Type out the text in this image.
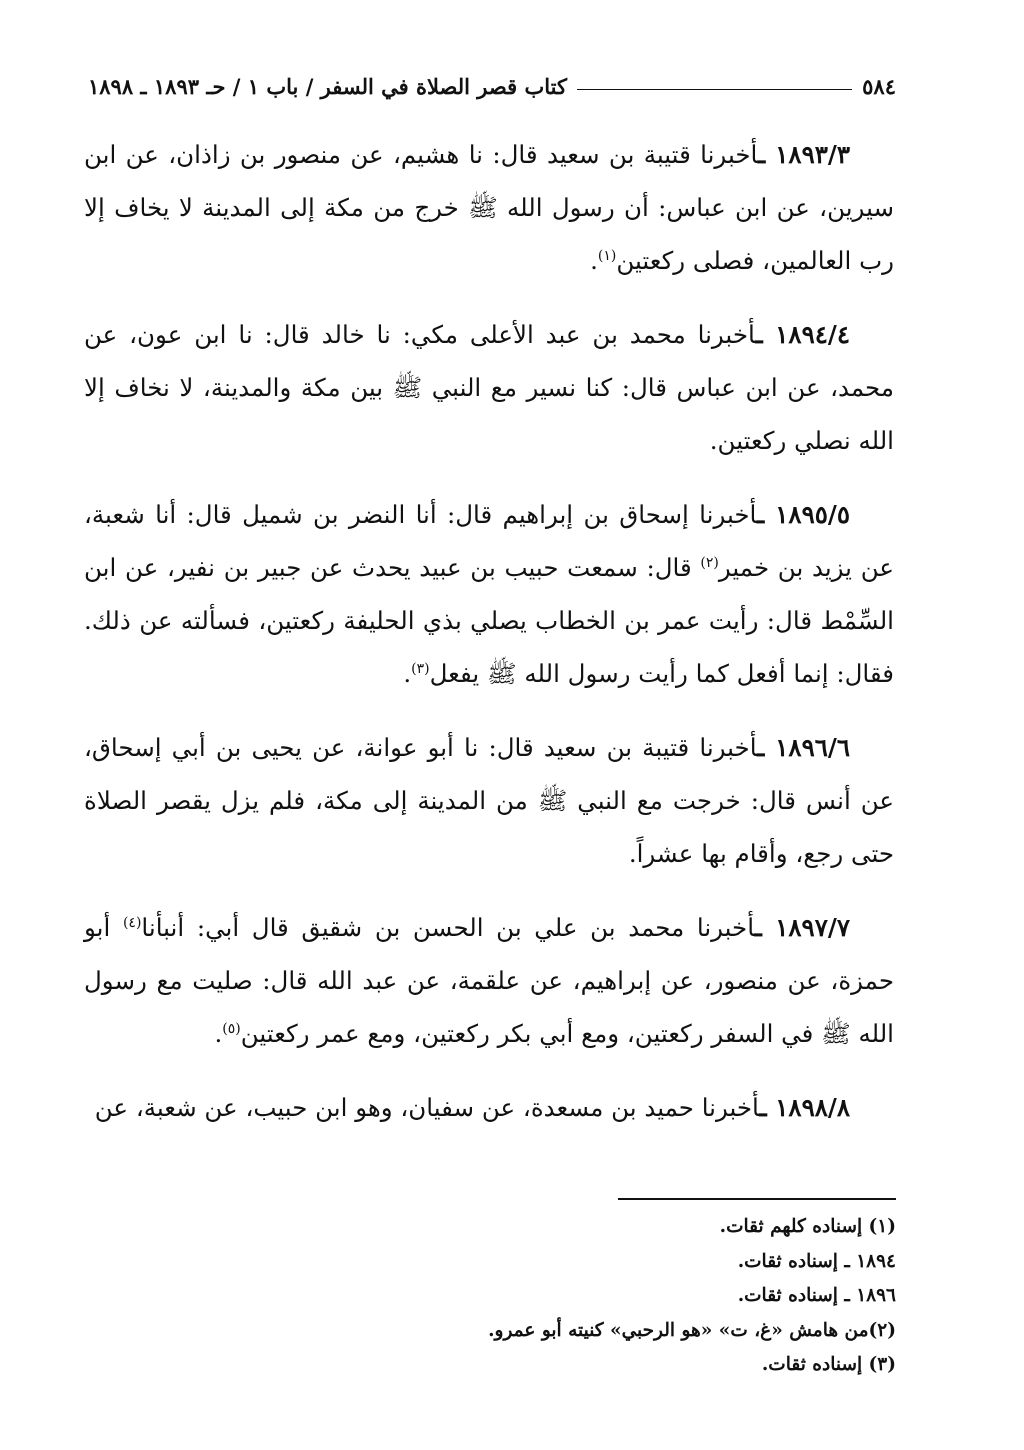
٥٨٤
كتاب قصر الصلاة في السفر / باب ١ / حـ ١٨٩٣ ـ ١٨٩٨

١٨٩٣/٣ ـأخبرنا قتيبة بن سعيد قال: نا هشيم، عن منصور بن زاذان، عن ابن سيرين، عن ابن عباس: أن رسول الله ﷺ خرج من مكة إلى المدينة لا يخاف إلا رب العالمين، فصلى ركعتين$^{(١)}$.

١٨٩٤/٤ ـأخبرنا محمد بن عبد الأعلى مكي: نا خالد قال: نا ابن عون، عن محمد، عن ابن عباس قال: كنا نسير مع النبي ﷺ بين مكة والمدينة، لا نخاف إلا الله نصلي ركعتين.

١٨٩٥/٥ ـأخبرنا إسحاق بن إبراهيم قال: أنا النضر بن شميل قال: أنا شعبة، عن يزيد بن خمير$^{(٢)}$ قال: سمعت حبيب بن عبيد يحدث عن جبير بن نفير، عن ابن السِّمْط قال: رأيت عمر بن الخطاب يصلي بذي الحليفة ركعتين، فسألته عن ذلك. فقال: إنما أفعل كما رأيت رسول الله ﷺ يفعل$^{(٣)}$.

١٨٩٦/٦ ـأخبرنا قتيبة بن سعيد قال: نا أبو عوانة، عن يحيى بن أبي إسحاق، عن أنس قال: خرجت مع النبي ﷺ من المدينة إلى مكة، فلم يزل يقصر الصلاة حتى رجع، وأقام بها عشراً.

١٨٩٧/٧ ـأخبرنا محمد بن علي بن الحسن بن شقيق قال أبي: أنبأنا$^{(٤)}$ أبو حمزة، عن منصور، عن إبراهيم، عن علقمة، عن عبد الله قال: صليت مع رسول الله ﷺ في السفر ركعتين، ومع أبي بكر ركعتين، ومع عمر ركعتين$^{(٥)}$.

١٨٩٨/٨ ـأخبرنا حميد بن مسعدة، عن سفيان، وهو ابن حبيب، عن شعبة، عن

(١) إسناده كلهم ثقات.
١٨٩٤ ـ إسناده ثقات.
١٨٩٦ ـ إسناده ثقات.
(٢)من هامش «غ، ت» «هو الرحبي» كنيته أبو عمرو.
(٣) إسناده ثقات.
